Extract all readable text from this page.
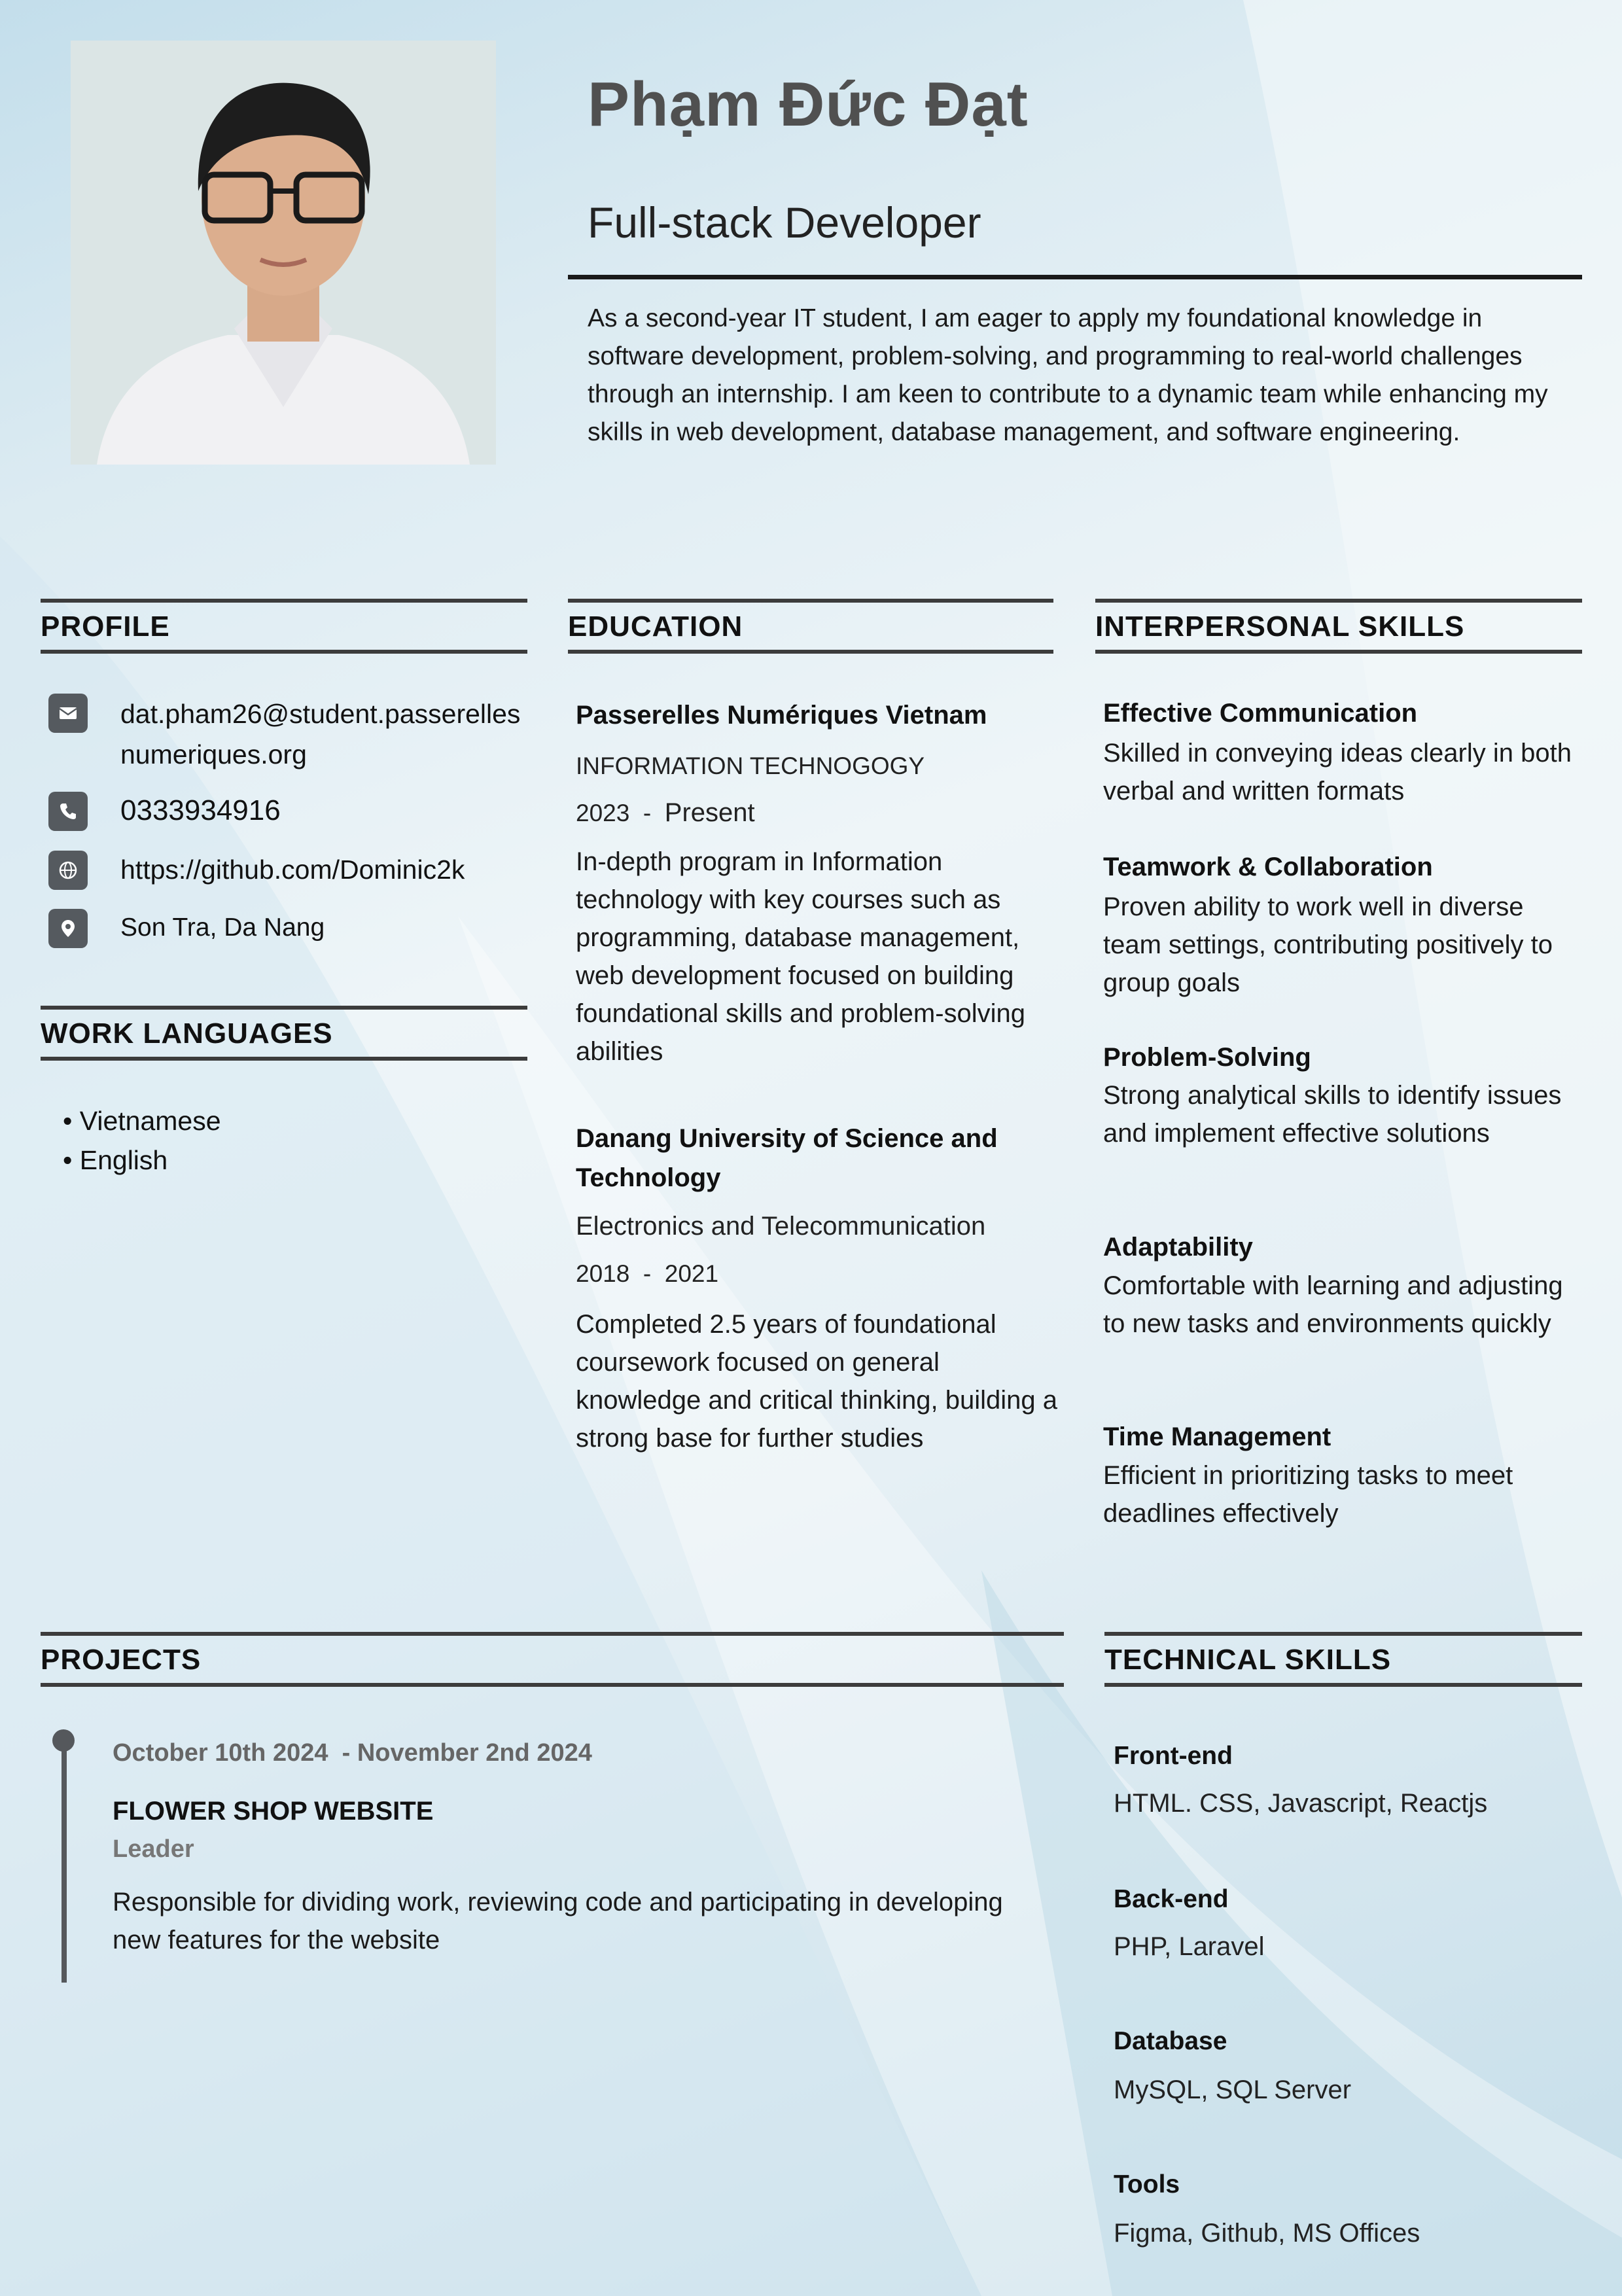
Phạm Đức Đạt
Full-stack Developer
As a second-year IT student, I am eager to apply my foundational knowledge in software development, problem-solving, and programming to real-world challenges through an internship. I am keen to contribute to a dynamic team while enhancing my skills in web development, database management, and software engineering.
PROFILE
dat.pham26@student.passerelles numeriques.org
0333934916
https://github.com/Dominic2k
Son Tra, Da Nang
WORK LANGUAGES
• Vietnamese
• English
EDUCATION
Passerelles Numériques Vietnam
INFORMATION TECHNOGOGY
2023  -  Present
In-depth program in Information technology with key courses such as programming, database management, web development focused on building foundational skills and problem-solving abilities
Danang University of Science and Technology
Electronics and Telecommunication
2018  -  2021
Completed 2.5 years of foundational coursework focused on general knowledge and critical thinking, building a strong base for further studies
INTERPERSONAL SKILLS
Effective Communication
Skilled in conveying ideas clearly in both verbal and written formats
Teamwork & Collaboration
Proven ability to work well in diverse team settings, contributing positively to group goals
Problem-Solving
Strong analytical skills to identify issues and implement effective solutions
Adaptability
Comfortable with learning and adjusting to new tasks and environments quickly
Time Management
Efficient in prioritizing tasks to meet deadlines effectively
PROJECTS
October 10th 2024  - November 2nd 2024
FLOWER SHOP WEBSITE
Leader
Responsible for dividing work, reviewing code and participating in developing new features for the website
TECHNICAL SKILLS
Front-end
HTML. CSS, Javascript, Reactjs
Back-end
PHP, Laravel
Database
MySQL, SQL Server
Tools
Figma, Github, MS Offices
